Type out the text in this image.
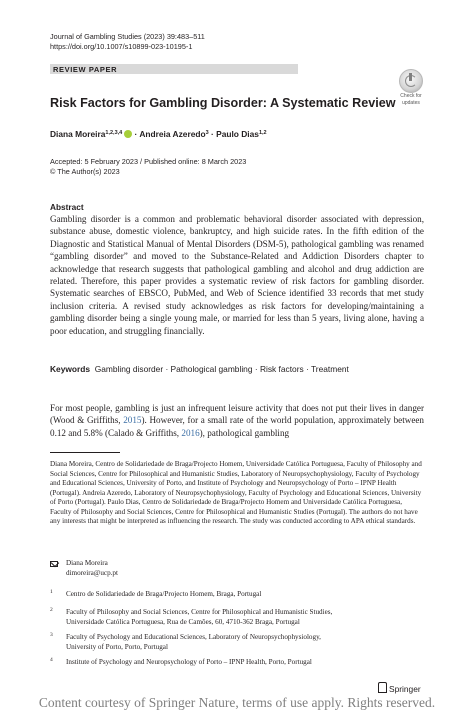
Journal of Gambling Studies (2023) 39:483–511
https://doi.org/10.1007/s10899-023-10195-1
REVIEW PAPER
Check for
updates
Risk Factors for Gambling Disorder: A Systematic Review
Diana Moreira$^{1,2,3,4}$ · Andreia Azeredo$^3$ · Paulo Dias$^{1,2}$
Accepted: 5 February 2023 / Published online: 8 March 2023
© The Author(s) 2023
Abstract
Gambling disorder is a common and problematic behavioral disorder associated with depression, substance abuse, domestic violence, bankruptcy, and high suicide rates. In the fifth edition of the Diagnostic and Statistical Manual of Mental Disorders (DSM-5), pathological gambling was renamed “gambling disorder” and moved to the Substance-Related and Addiction Disorders chapter to acknowledge that research suggests that pathological gambling and alcohol and drug addiction are related. Therefore, this paper provides a systematic review of risk factors for gambling disorder. Systematic searches of EBSCO, PubMed, and Web of Science identified 33 records that met study inclusion criteria. A revised study acknowledges as risk factors for developing/maintaining a gambling disorder being a single young male, or married for less than 5 years, living alone, having a poor education, and struggling financially.
Keywords Gambling disorder · Pathological gambling · Risk factors · Treatment
For most people, gambling is just an infrequent leisure activity that does not put their lives in danger (Wood & Griffiths, 2015). However, for a small rate of the world population, approximately between 0.12 and 5.8% (Calado & Griffiths, 2016), pathological gambling
Diana Moreira, Centro de Solidariedade de Braga/Projecto Homem, Universidade Católica Portuguesa, Faculty of Philosophy and Social Sciences, Centre for Philosophical and Humanistic Studies, Laboratory of Neuropsychophysiology, Faculty of Psychology and Educational Sciences, University of Porto, and Institute of Psychology and Neuropsychology of Porto – IPNP Health (Portugal). Andreia Azeredo, Laboratory of Neuropsychophysiology, Faculty of Psychology and Educational Sciences, University of Porto (Portugal). Paulo Dias, Centro de Solidariedade de Braga/Projecto Homem and Universidade Católica Portuguesa, Faculty of Philosophy and Social Sciences, Centre for Philosophical and Humanistic Studies (Portugal). The authors do not have any interests that might be interpreted as influencing the research. The study was conducted according to APA ethical standards.
Diana Moreira
dimoreira@ucp.pt
1 Centro de Solidariedade de Braga/Projecto Homem, Braga, Portugal
2 Faculty of Philosophy and Social Sciences, Centre for Philosophical and Humanistic Studies,
Universidade Católica Portuguesa, Rua de Camões, 60, 4710-362 Braga, Portugal
3 Faculty of Psychology and Educational Sciences, Laboratory of Neuropsychophysiology,
University of Porto, Porto, Portugal
4 Institute of Psychology and Neuropsychology of Porto – IPNP Health, Porto, Portugal
Springer
Content courtesy of Springer Nature, terms of use apply. Rights reserved.
